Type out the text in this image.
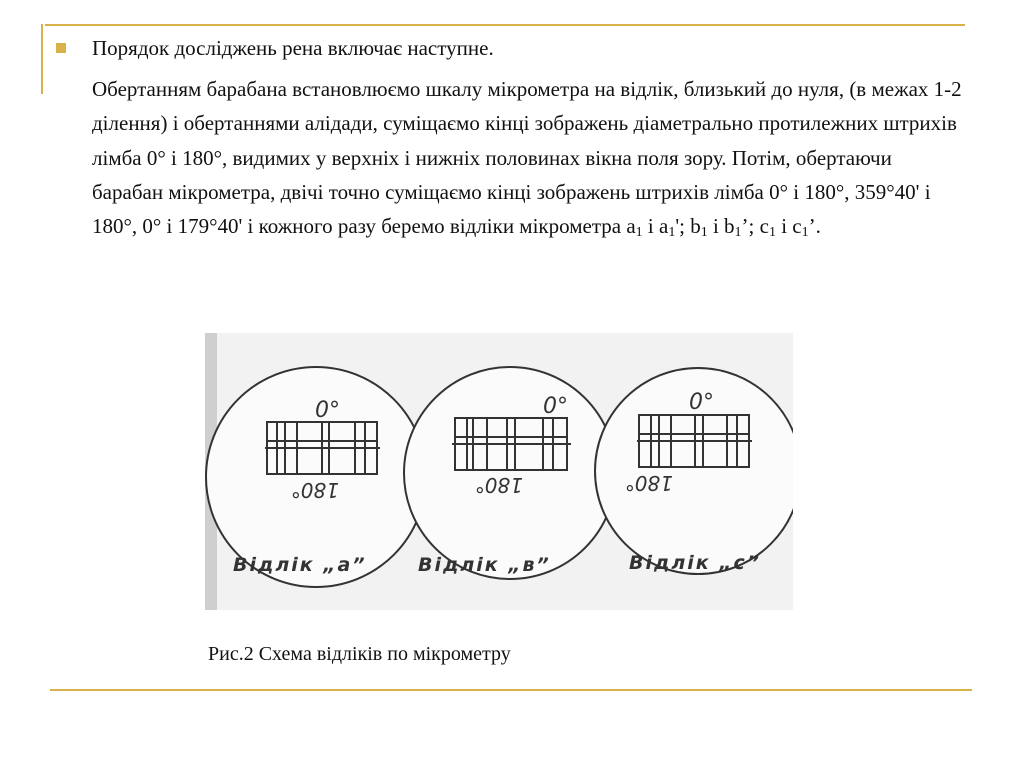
Порядок досліджень рена включає наступне.
Обертанням барабана встановлюємо шкалу мікрометра на відлік, близький до нуля, (в межах 1-2 ділення) і обертаннями алідади, суміщаємо кінці зображень діаметрально протилежних штрихів лімба 0° і 180°, видимих у верхніх і нижніх половинах вікна поля зору. Потім, обертаючи барабан мікрометра, двічі точно суміщаємо кінці зображень штрихів лімба 0° і 180°, 359°40' і 180°, 0° і 179°40' і кожного разу беремо відліки мікрометра $a_1$ і $a_1'$; $b_1$ і $b_1$’; $c_1$ і $c_1$’.
0°	0°	0°
180°	180°	180°
Відлік „а”	Відлік „в”	Відлік „с”
Рис.2 Схема відліків по мікрометру
